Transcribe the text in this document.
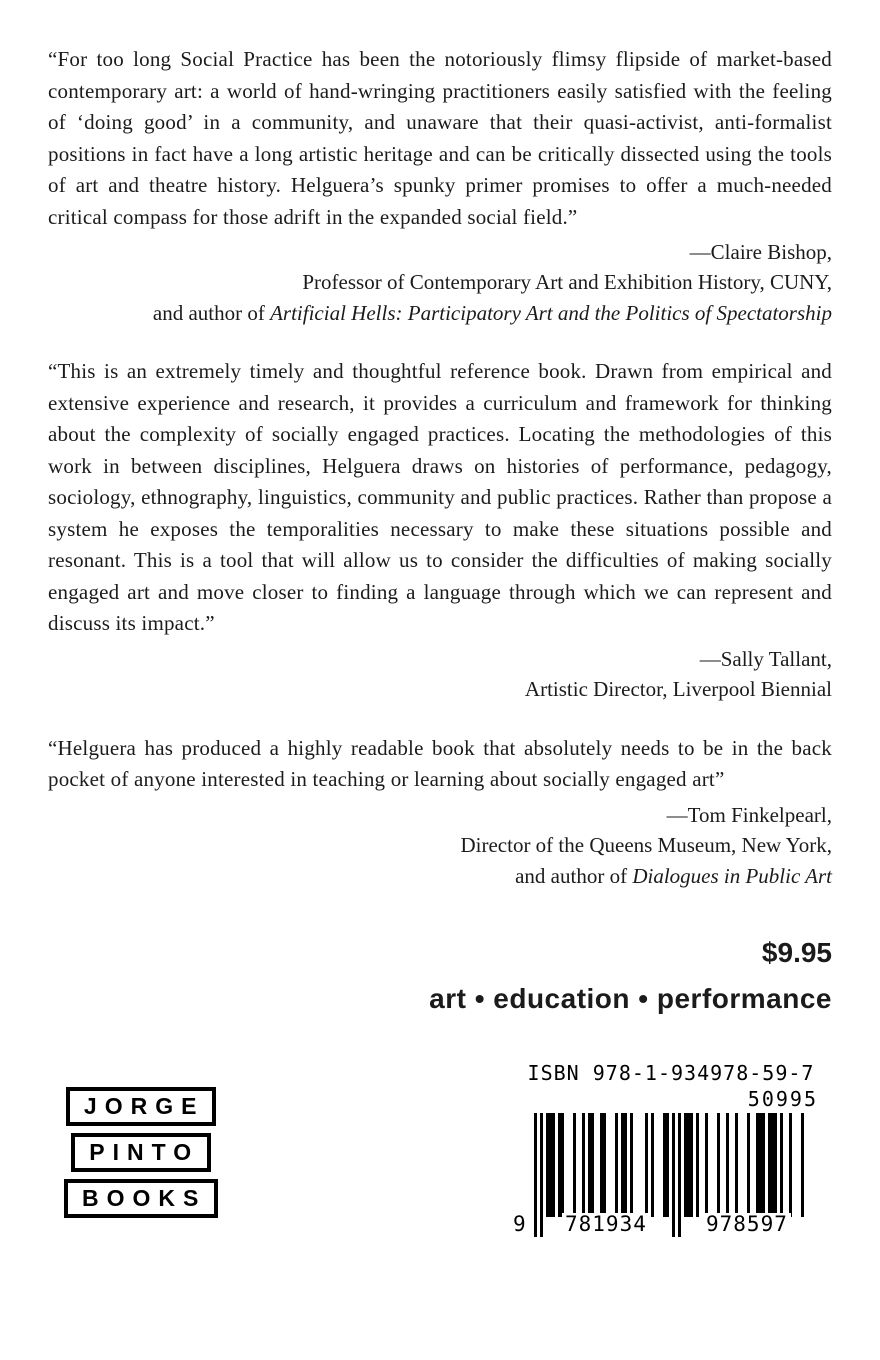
“For too long Social Practice has been the notoriously flimsy flipside of market-based contemporary art: a world of hand-wringing practitioners easily satisfied with the feeling of ‘doing good’ in a community, and unaware that their quasi-activist, anti-formalist positions in fact have a long artistic heritage and can be critically dissected using the tools of art and theatre history. Helguera’s spunky primer promises to offer a much-needed critical compass for those adrift in the expanded social field.”

—Claire Bishop,
Professor of Contemporary Art and Exhibition History, CUNY,
and author of Artificial Hells: Participatory Art and the Politics of Spectatorship

“This is an extremely timely and thoughtful reference book. Drawn from empirical and extensive experience and research, it provides a curriculum and framework for thinking about the complexity of socially engaged practices. Locating the methodologies of this work in between disciplines, Helguera draws on histories of performance, pedagogy, sociology, ethnography, linguistics, community and public practices. Rather than propose a system he exposes the temporalities necessary to make these situations possible and resonant. This is a tool that will allow us to consider the difficulties of making socially engaged art and move closer to finding a language through which we can represent and discuss its impact.”

—Sally Tallant,
Artistic Director, Liverpool Biennial

“Helguera has produced a highly readable book that absolutely needs to be in the back pocket of anyone interested in teaching or learning about socially engaged art”

—Tom Finkelpearl,
Director of the Queens Museum, New York,
and author of Dialogues in Public Art

$9.95
art • education • performance
JORGE
PINTO
BOOKS
ISBN 978-1-934978-59-7
50995
9 781934	978597
